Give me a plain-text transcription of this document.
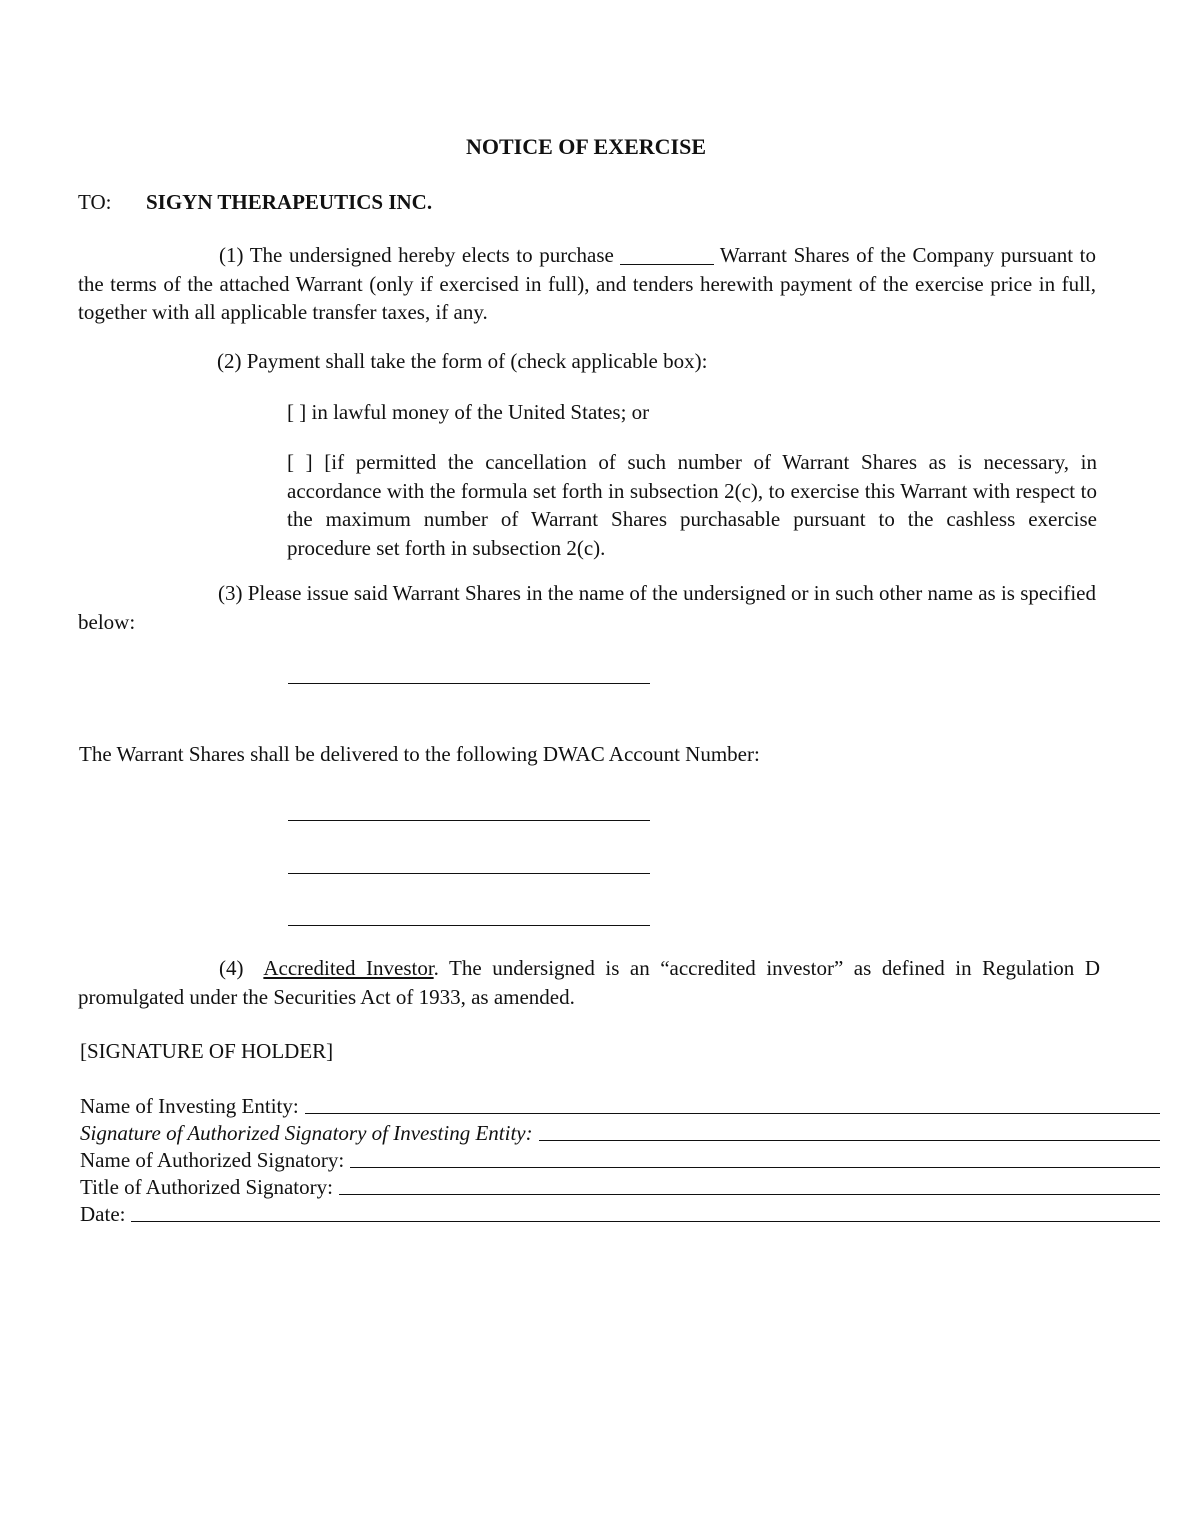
NOTICE OF EXERCISE
TO: SIGYN THERAPEUTICS INC.
(1) The undersigned hereby elects to purchase	Warrant Shares of the Company pursuant to the terms of the attached Warrant (only if exercised in full), and tenders herewith payment of the exercise price in full, together with all applicable transfer taxes, if any.
(2) Payment shall take the form of (check applicable box):
[ ] in lawful money of the United States; or
[ ] [if permitted the cancellation of such number of Warrant Shares as is necessary, in accordance with the formula set forth in subsection 2(c), to exercise this Warrant with respect to the maximum number of Warrant Shares purchasable pursuant to the cashless exercise procedure set forth in subsection 2(c).
(3) Please issue said Warrant Shares in the name of the undersigned or in such other name as is specified below:
The Warrant Shares shall be delivered to the following DWAC Account Number:
(4) Accredited Investor. The undersigned is an “accredited investor” as defined in Regulation D promulgated under the Securities Act of 1933, as amended.
[SIGNATURE OF HOLDER]
Name of Investing Entity:
Signature of Authorized Signatory of Investing Entity:
Name of Authorized Signatory:
Title of Authorized Signatory:
Date:
